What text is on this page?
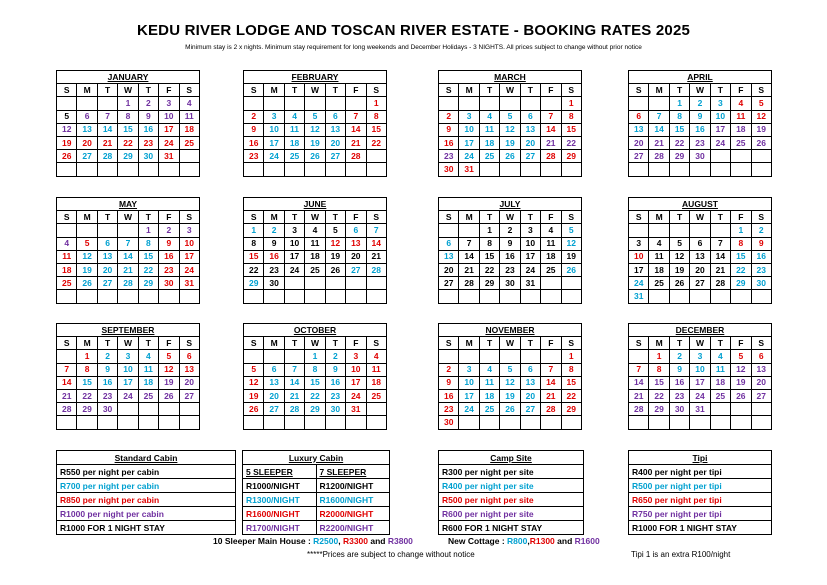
KEDU RIVER LODGE AND TOSCAN RIVER ESTATE - BOOKING RATES 2025
Minimum stay is 2 x nights. Minimum stay requirement for long weekends and December Holidays - 3 NIGHTS. All prices subject to change without prior notice
JANUARY						
S	M	T	W	T	F	S
			1	2	3	4
5	6	7	8	9	10	11
12	13	14	15	16	17	18
19	20	21	22	23	24	25
26	27	28	29	30	31	

FEBRUARY						
S	M	T	W	T	F	S
						1
2	3	4	5	6	7	8
9	10	11	12	13	14	15
16	17	18	19	20	21	22
23	24	25	26	27	28	

MARCH						
S	M	T	W	T	F	S
						1
2	3	4	5	6	7	8
9	10	11	12	13	14	15
16	17	18	19	20	21	22
23	24	25	26	27	28	29
30	31					
APRIL						
S	M	T	W	T	F	S
		1	2	3	4	5
6	7	8	9	10	11	12
13	14	15	16	17	18	19
20	21	22	23	24	25	26
27	28	29	30			

MAY						
S	M	T	W	T	F	S
				1	2	3
4	5	6	7	8	9	10
11	12	13	14	15	16	17
18	19	20	21	22	23	24
25	26	27	28	29	30	31

JUNE						
S	M	T	W	T	F	S
1	2	3	4	5	6	7
8	9	10	11	12	13	14
15	16	17	18	19	20	21
22	23	24	25	26	27	28
29	30					

JULY						
S	M	T	W	T	F	S
		1	2	3	4	5
6	7	8	9	10	11	12
13	14	15	16	17	18	19
20	21	22	23	24	25	26
27	28	29	30	31		

AUGUST						
S	M	T	W	T	F	S
					1	2
3	4	5	6	7	8	9
10	11	12	13	14	15	16
17	18	19	20	21	22	23
24	25	26	27	28	29	30
31						
SEPTEMBER						
S	M	T	W	T	F	S
	1	2	3	4	5	6
7	8	9	10	11	12	13
14	15	16	17	18	19	20
21	22	23	24	25	26	27
28	29	30				

OCTOBER						
S	M	T	W	T	F	S
			1	2	3	4
5	6	7	8	9	10	11
12	13	14	15	16	17	18
19	20	21	22	23	24	25
26	27	28	29	30	31	

NOVEMBER						
S	M	T	W	T	F	S
						1
2	3	4	5	6	7	8
9	10	11	12	13	14	15
16	17	18	19	20	21	22
23	24	25	26	27	28	29
30						
DECEMBER						
S	M	T	W	T	F	S
	1	2	3	4	5	6
7	8	9	10	11	12	13
14	15	16	17	18	19	20
21	22	23	24	25	26	27
28	29	30	31			

Standard Cabin
R550 per night per cabin
R700 per night per cabin
R850 per night per cabin
R1000 per night per cabin
R1000 FOR 1 NIGHT STAY
Luxury Cabin	
5 SLEEPER	7 SLEEPER
R1000/NIGHT	R1200/NIGHT
R1300/NIGHT	R1600/NIGHT
R1600/NIGHT	R2000/NIGHT
R1700/NIGHT	R2200/NIGHT
Camp Site
R300 per night per site
R400 per night per site
R500 per night per site
R600 per night per site
R600 FOR 1 NIGHT STAY
Tipi
R400 per night per tipi
R500 per night per tipi
R650 per night per tipi
R750 per night per tipi
R1000 FOR 1 NIGHT STAY
10 Sleeper Main House : R2500, R3300 and R3800	New Cottage : R800,R1300 and R1600
*****Prices are subject to change without notice	Tipi 1 is an extra R100/night
